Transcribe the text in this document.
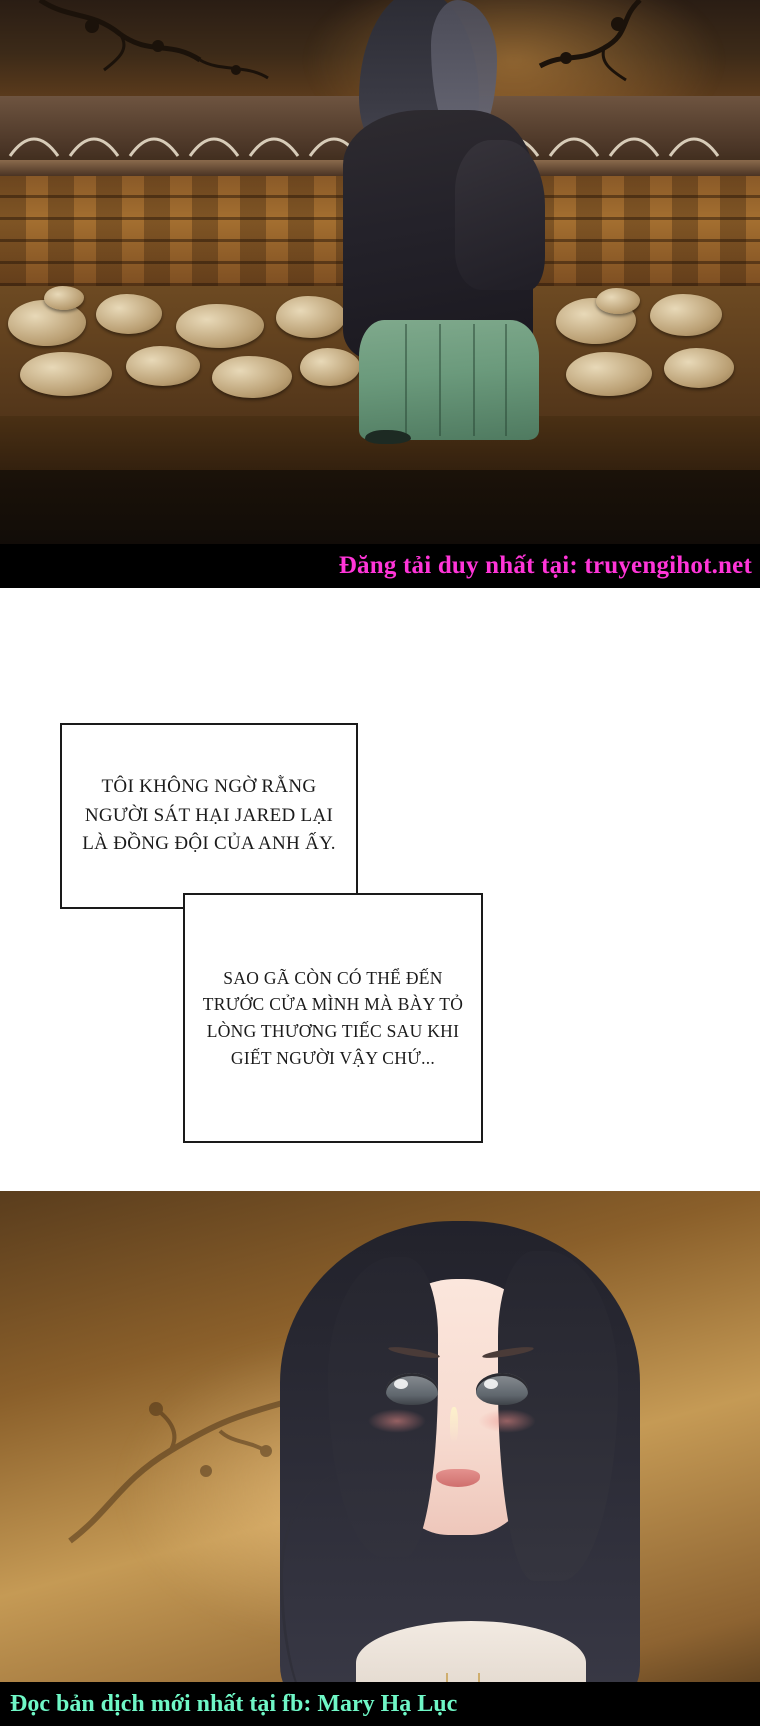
Đăng tải duy nhất tại: truyengihot.net
TÔI KHÔNG NGỜ RẰNG NGƯỜI SÁT HẠI JARED LẠI LÀ ĐỒNG ĐỘI CỦA ANH ẤY.
SAO GÃ CÒN CÓ THỂ ĐẾN TRƯỚC CỬA MÌNH MÀ BÀY TỎ LÒNG THƯƠNG TIẾC SAU KHI GIẾT NGƯỜI VẬY CHỨ...
Đọc bản dịch mới nhất tại fb: Mary Hạ Lục
